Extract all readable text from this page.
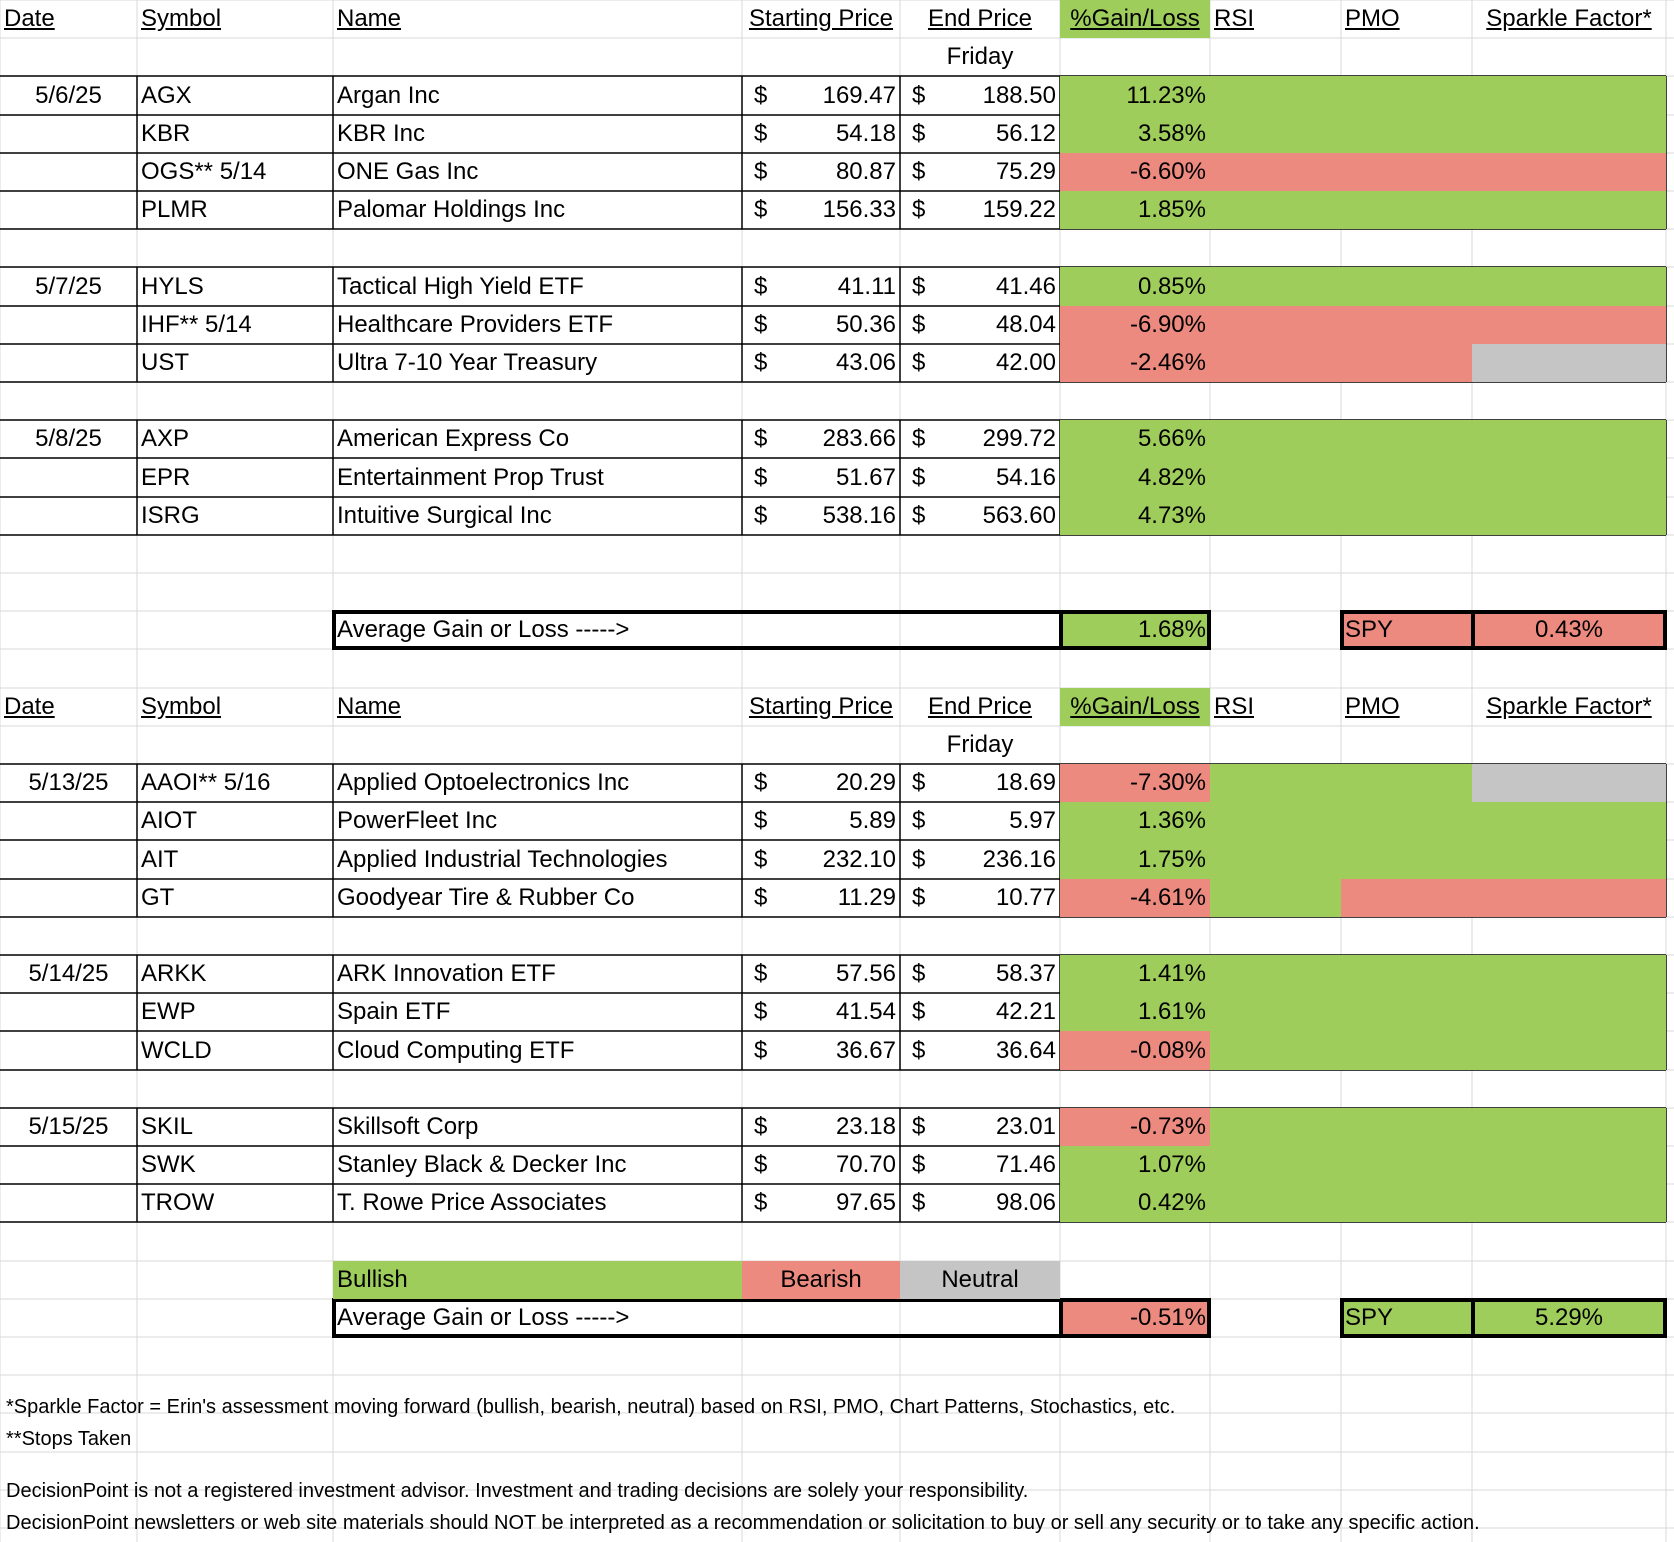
Date	Symbol	Name	Starting Price	End Price	%Gain/Loss RSI	PMO	Sparkle Factor*
Friday
5/6/25	AGX	Argan Inc	$	169.47 $	188.50	11.23%
KBR	KBR Inc	$	54.18 $	56.12	3.58%
OGS** 5/14	ONE Gas Inc	$	80.87 $	75.29	-6.60%
PLMR	Palomar Holdings Inc	$	156.33 $	159.22	1.85%
5/7/25	HYLS	Tactical High Yield ETF	$	41.11 $	41.46	0.85%
IHF** 5/14	Healthcare Providers ETF	$	50.36 $	48.04	-6.90%
UST	Ultra 7-10 Year Treasury	$	43.06 $	42.00	-2.46%
5/8/25	AXP	American Express Co	$	283.66 $	299.72	5.66%
EPR	Entertainment Prop Trust	$	51.67 $	54.16	4.82%
ISRG	Intuitive Surgical Inc	$	538.16 $	563.60	4.73%
Average Gain or Loss ----->	1.68%	SPY	0.43%
Date	Symbol	Name	Starting Price	End Price	%Gain/Loss RSI	PMO	Sparkle Factor*
Friday
5/13/25	AAOI** 5/16	Applied Optoelectronics Inc	$	20.29 $	18.69	-7.30%
AIOT	PowerFleet Inc	$	5.89 $	5.97	1.36%
AIT	Applied Industrial Technologies	$	232.10 $	236.16	1.75%
GT	Goodyear Tire & Rubber Co	$	11.29 $	10.77	-4.61%
5/14/25	ARKK	ARK Innovation ETF	$	57.56 $	58.37	1.41%
EWP	Spain ETF	$	41.54 $	42.21	1.61%
WCLD	Cloud Computing ETF	$	36.67 $	36.64	-0.08%
5/15/25	SKIL	Skillsoft Corp	$	23.18 $	23.01	-0.73%
SWK	Stanley Black & Decker Inc	$	70.70 $	71.46	1.07%
TROW	T. Rowe Price Associates	$	97.65 $	98.06	0.42%
Average Gain or Loss ----->	-0.51%	SPY	5.29%
Bullish	Bearish	Neutral
*Sparkle Factor = Erin's assessment moving forward (bullish, bearish, neutral) based on RSI, PMO, Chart Patterns, Stochastics, etc.
**Stops Taken
DecisionPoint is not a registered investment advisor. Investment and trading decisions are solely your responsibility.
DecisionPoint newsletters or web site materials should NOT be interpreted as a recommendation or solicitation to buy or sell any security or to take any specific action.
